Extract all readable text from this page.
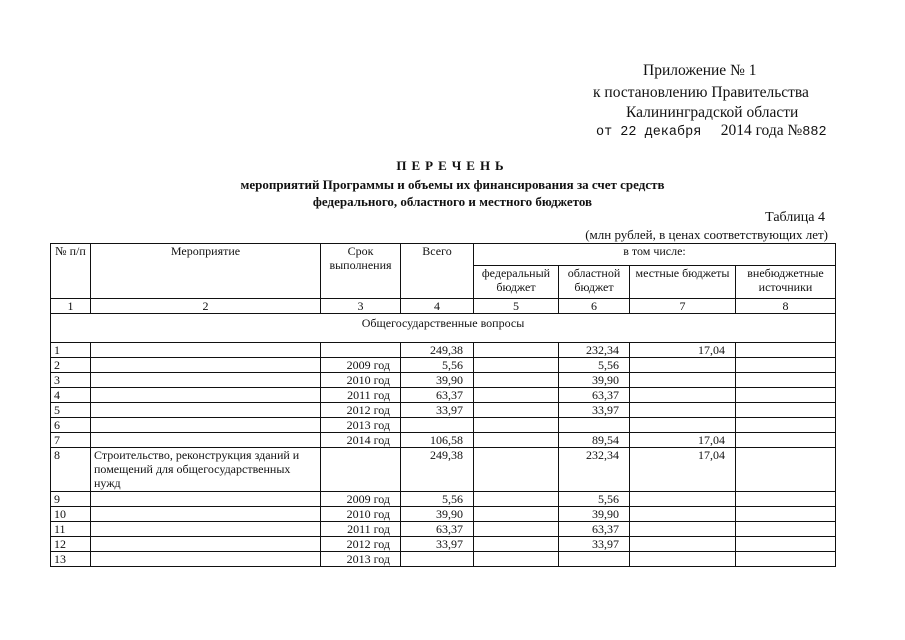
Приложение № 1
к постановлению Правительства
Калининградской области
от 22 декабря 2014 года №882
ПЕРЕЧЕНЬ
мероприятий Программы и объемы их финансирования за счет средств
федерального, областного и местного бюджетов
Таблица 4
(млн рублей, в ценах соответствующих лет)
№ п/п	Мероприятие	Срок выполнения	Всего	в том числе:			
				федеральный бюджет	областной бюджет	местные бюджеты	внебюджетные источники
1	2	3	4	5	6	7	8
Общегосударственные вопросы							
1			249,38		232,34	17,04	
2		2009 год	5,56		5,56		
3		2010 год	39,90		39,90		
4		2011 год	63,37		63,37		
5		2012 год	33,97		33,97		
6		2013 год					
7		2014 год	106,58		89,54	17,04	
8	Строительство, реконструкция зданий и помещений для общегосударственных нужд		249,38		232,34	17,04	
9		2009 год	5,56		5,56		
10		2010 год	39,90		39,90		
11		2011 год	63,37		63,37		
12		2012 год	33,97		33,97		
13		2013 год					
